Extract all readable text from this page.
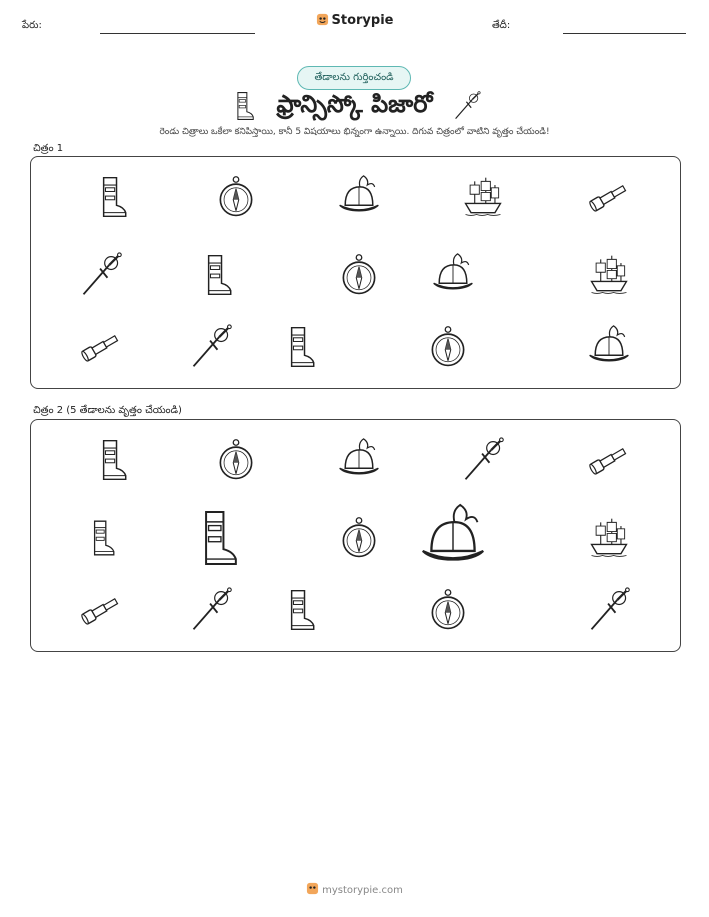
పేరు:	తేదీ:
Storypie
తేడాలను గుర్తించండి
ఫ్రాన్సిస్కో పిజారో
రెండు చిత్రాలు ఒకేలా కనిపిస్తాయి, కానీ 5 విషయాలు భిన్నంగా ఉన్నాయి. దిగువ చిత్రంలో వాటిని వృత్తం చేయండి!
చిత్రం 1
చిత్రం 2 (5 తేడాలను వృత్తం చేయండి)
mystorypie.com
